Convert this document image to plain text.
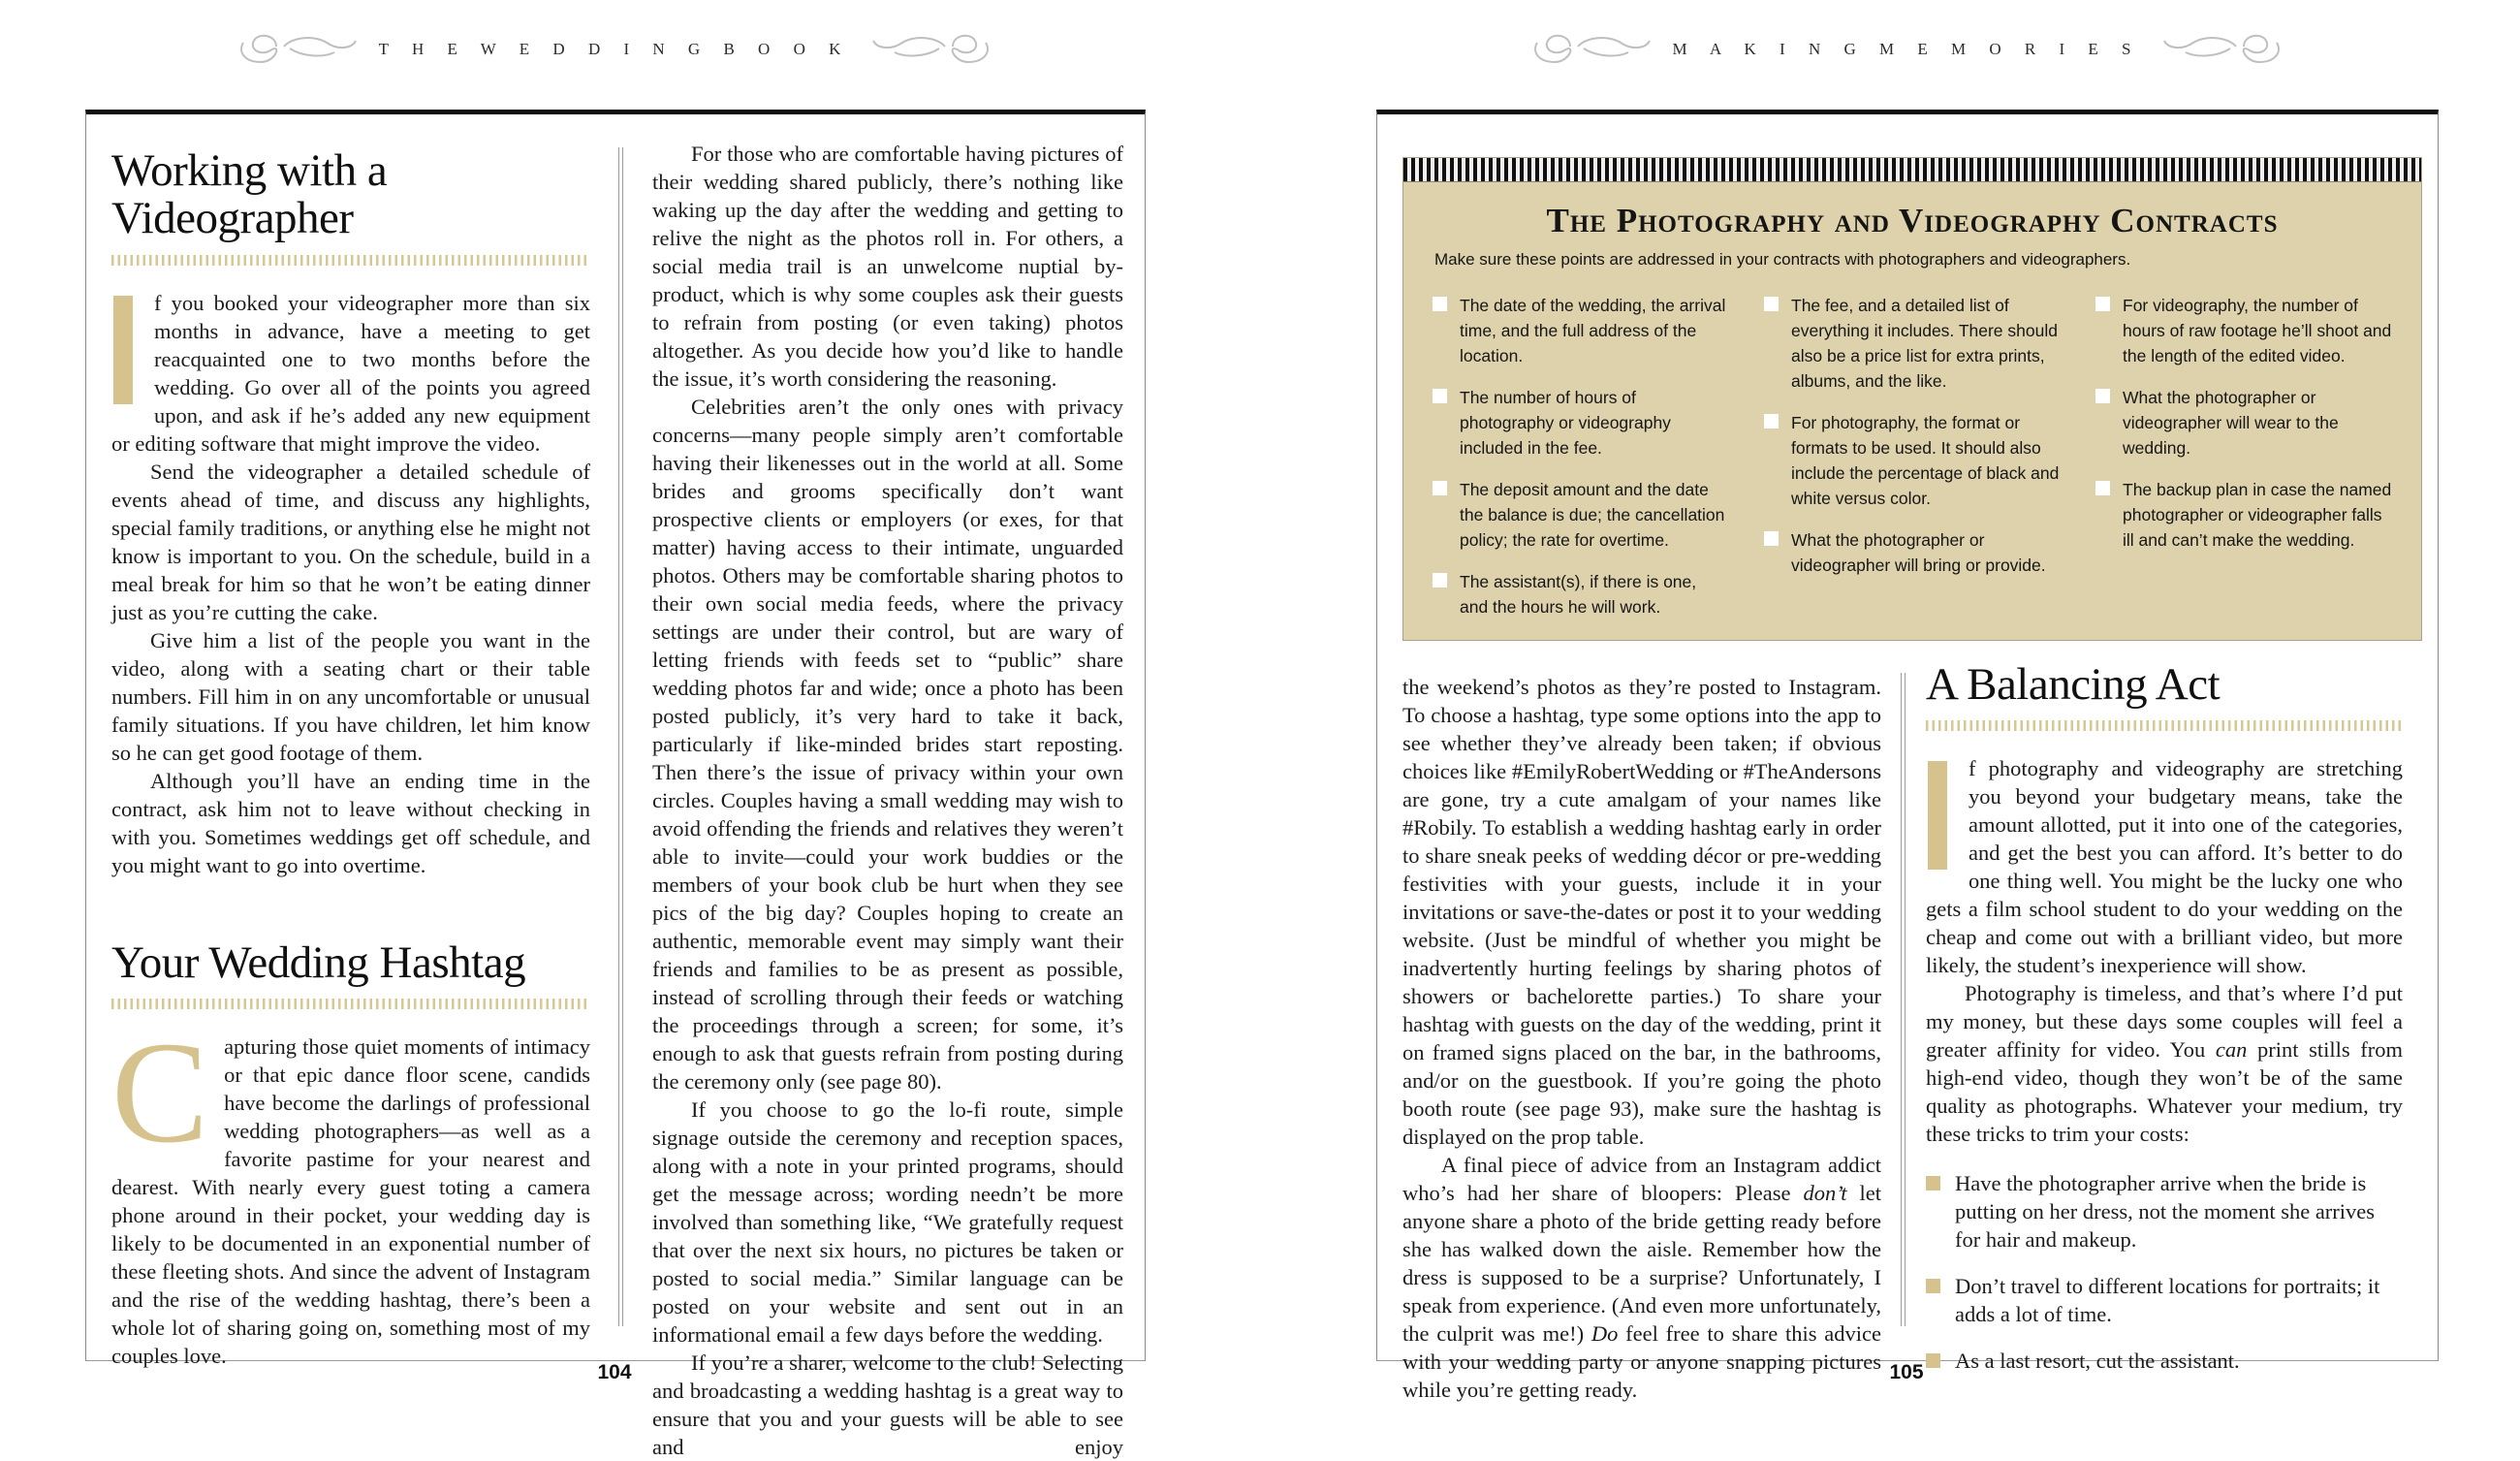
T H E W E D D I N G B O O K	M A K I N G M E M O R I E S
Working with a Videographer

f you booked your videographer more than six months in advance, have a meeting to get reacquainted one to two months before the wedding. Go over all of the points you agreed upon, and ask if he’s added any new equipment or editing software that might improve the video.

Send the videographer a detailed schedule of events ahead of time, and discuss any highlights, special family traditions, or anything else he might not know is important to you. On the schedule, build in a meal break for him so that he won’t be eating dinner just as you’re cutting the cake.

Give him a list of the people you want in the video, along with a seating chart or their table numbers. Fill him in on any uncomfortable or unusual family situations. If you have children, let him know so he can get good footage of them.

Although you’ll have an ending time in the contract, ask him not to leave without checking in with you. Sometimes weddings get off schedule, and you might want to go into overtime.

Your Wedding Hashtag

Capturing those quiet moments of intimacy or that epic dance floor scene, candids have become the darlings of professional wedding photographers—as well as a favorite pastime for your nearest and dearest. With nearly every guest toting a camera phone around in their pocket, your wedding day is likely to be documented in an exponential number of these fleeting shots. And since the advent of Instagram and the rise of the wedding hashtag, there’s been a whole lot of sharing going on, something most of my couples love.

For those who are comfortable having pictures of their wedding shared publicly, there’s nothing like waking up the day after the wedding and getting to relive the night as the photos roll in. For others, a social media trail is an unwelcome nuptial by-product, which is why some couples ask their guests to refrain from posting (or even taking) photos altogether. As you decide how you’d like to handle the issue, it’s worth considering the reasoning.

Celebrities aren’t the only ones with privacy concerns—many people simply aren’t comfortable having their likenesses out in the world at all. Some brides and grooms specifically don’t want prospective clients or employers (or exes, for that matter) having access to their intimate, unguarded photos. Others may be comfortable sharing photos to their own social media feeds, where the privacy settings are under their control, but are wary of letting friends with feeds set to “public” share wedding photos far and wide; once a photo has been posted publicly, it’s very hard to take it back, particularly if like-minded brides start reposting. Then there’s the issue of privacy within your own circles. Couples having a small wedding may wish to avoid offending the friends and relatives they weren’t able to invite—could your work buddies or the members of your book club be hurt when they see pics of the big day? Couples hoping to create an authentic, memorable event may simply want their friends and families to be as present as possible, instead of scrolling through their feeds or watching the proceedings through a screen; for some, it’s enough to ask that guests refrain from posting during the ceremony only (see page 80).

If you choose to go the lo-fi route, simple signage outside the ceremony and reception spaces, along with a note in your printed programs, should get the message across; wording needn’t be more involved than something like, “We gratefully request that over the next six hours, no pictures be taken or posted to social media.” Similar language can be posted on your website and sent out in an informational email a few days before the wedding.

If you’re a sharer, welcome to the club! Selecting and broadcasting a wedding hashtag is a great way to ensure that you and your guests will be able to see and enjoy

The Photography and Videography Contracts

Make sure these points are addressed in your contracts with photographers and videographers.

The date of the wedding, the arrival time, and the full address of the location.
The number of hours of photography or videography included in the fee.
The deposit amount and the date the balance is due; the cancellation policy; the rate for overtime.
The assistant(s), if there is one, and the hours he will work.
The fee, and a detailed list of everything it includes. There should also be a price list for extra prints, albums, and the like.
For photography, the format or formats to be used. It should also include the percentage of black and white versus color.
What the photographer or videographer will bring or provide.
For videography, the number of hours of raw footage he’ll shoot and the length of the edited video.
What the photographer or videographer will wear to the wedding.
The backup plan in case the named photographer or videographer falls ill and can’t make the wedding.

the weekend’s photos as they’re posted to Instagram. To choose a hashtag, type some options into the app to see whether they’ve already been taken; if obvious choices like #EmilyRobertWedding or #TheAndersons are gone, try a cute amalgam of your names like #Robily. To establish a wedding hashtag early in order to share sneak peeks of wedding décor or pre-wedding festivities with your guests, include it in your invitations or save-the-dates or post it to your wedding website. (Just be mindful of whether you might be inadvertently hurting feelings by sharing photos of showers or bachelorette parties.) To share your hashtag with guests on the day of the wedding, print it on framed signs placed on the bar, in the bathrooms, and/or on the guestbook. If you’re going the photo booth route (see page 93), make sure the hashtag is displayed on the prop table.

A final piece of advice from an Instagram addict who’s had her share of bloopers: Please don’t let anyone share a photo of the bride getting ready before she has walked down the aisle. Remember how the dress is supposed to be a surprise? Unfortunately, I speak from experience. (And even more unfortunately, the culprit was me!) Do feel free to share this advice with your wedding party or anyone snapping pictures while you’re getting ready.

A Balancing Act

f photography and videography are stretching you beyond your budgetary means, take the amount allotted, put it into one of the categories, and get the best you can afford. It’s better to do one thing well. You might be the lucky one who gets a film school student to do your wedding on the cheap and come out with a brilliant video, but more likely, the student’s inexperience will show.

Photography is timeless, and that’s where I’d put my money, but these days some couples will feel a greater affinity for video. You can print stills from high-end video, though they won’t be of the same quality as photographs. Whatever your medium, try these tricks to trim your costs:

Have the photographer arrive when the bride is putting on her dress, not the moment she arrives for hair and makeup.
Don’t travel to different locations for portraits; it adds a lot of time.
As a last resort, cut the assistant.
104	105
